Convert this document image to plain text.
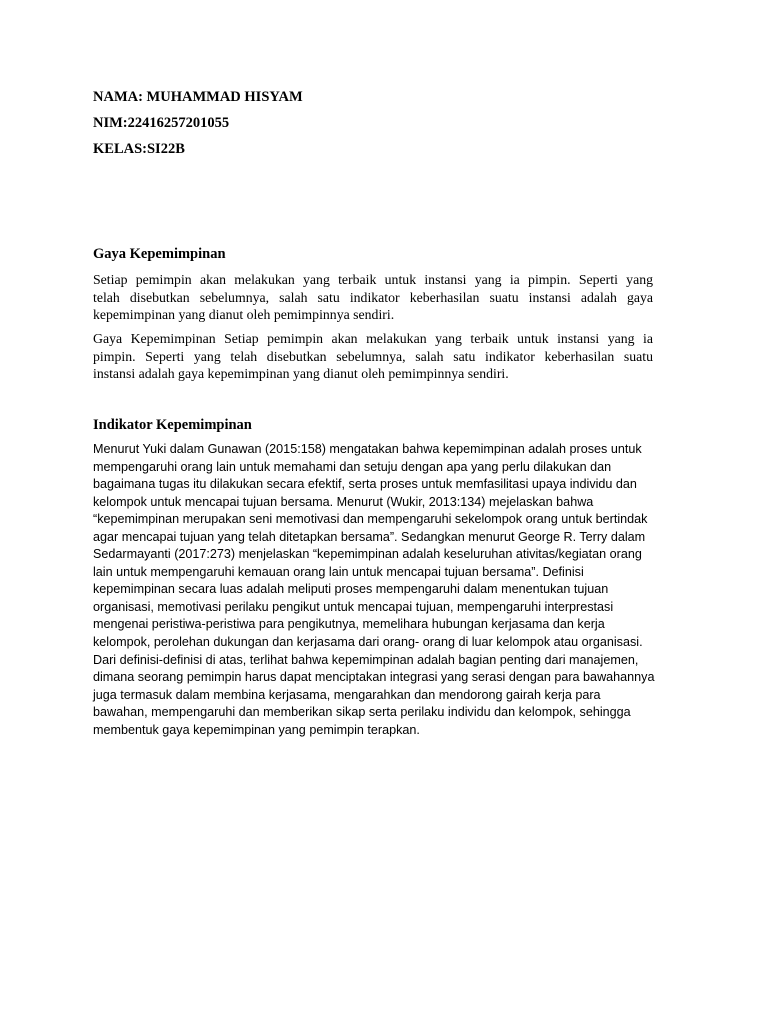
NAMA: MUHAMMAD HISYAM
NIM:22416257201055
KELAS:SI22B
Gaya Kepemimpinan
Setiap pemimpin akan melakukan yang terbaik untuk instansi yang ia pimpin. Seperti yang
telah disebutkan sebelumnya, salah satu indikator keberhasilan suatu instansi adalah gaya
kepemimpinan yang dianut oleh pemimpinnya sendiri.
Gaya Kepemimpinan Setiap pemimpin akan melakukan yang terbaik untuk instansi yang ia
pimpin. Seperti yang telah disebutkan sebelumnya, salah satu indikator keberhasilan suatu
instansi adalah gaya kepemimpinan yang dianut oleh pemimpinnya sendiri.
Indikator Kepemimpinan
Menurut Yuki dalam Gunawan (2015:158) mengatakan bahwa kepemimpinan adalah proses untuk
mempengaruhi orang lain untuk memahami dan setuju dengan apa yang perlu dilakukan dan
bagaimana tugas itu dilakukan secara efektif, serta proses untuk memfasilitasi upaya individu dan
kelompok untuk mencapai tujuan bersama. Menurut (Wukir, 2013:134) mejelaskan bahwa
“kepemimpinan merupakan seni memotivasi dan mempengaruhi sekelompok orang untuk bertindak
agar mencapai tujuan yang telah ditetapkan bersama”. Sedangkan menurut George R. Terry dalam
Sedarmayanti (2017:273) menjelaskan “kepemimpinan adalah keseluruhan ativitas/kegiatan orang
lain untuk mempengaruhi kemauan orang lain untuk mencapai tujuan bersama”. Definisi
kepemimpinan secara luas adalah meliputi proses mempengaruhi dalam menentukan tujuan
organisasi, memotivasi perilaku pengikut untuk mencapai tujuan, mempengaruhi interprestasi
mengenai peristiwa-peristiwa para pengikutnya, memelihara hubungan kerjasama dan kerja
kelompok, perolehan dukungan dan kerjasama dari orang- orang di luar kelompok atau organisasi.
Dari definisi-definisi di atas, terlihat bahwa kepemimpinan adalah bagian penting dari manajemen,
dimana seorang pemimpin harus dapat menciptakan integrasi yang serasi dengan para bawahannya
juga termasuk dalam membina kerjasama, mengarahkan dan mendorong gairah kerja para
bawahan, mempengaruhi dan memberikan sikap serta perilaku individu dan kelompok, sehingga
membentuk gaya kepemimpinan yang pemimpin terapkan.
